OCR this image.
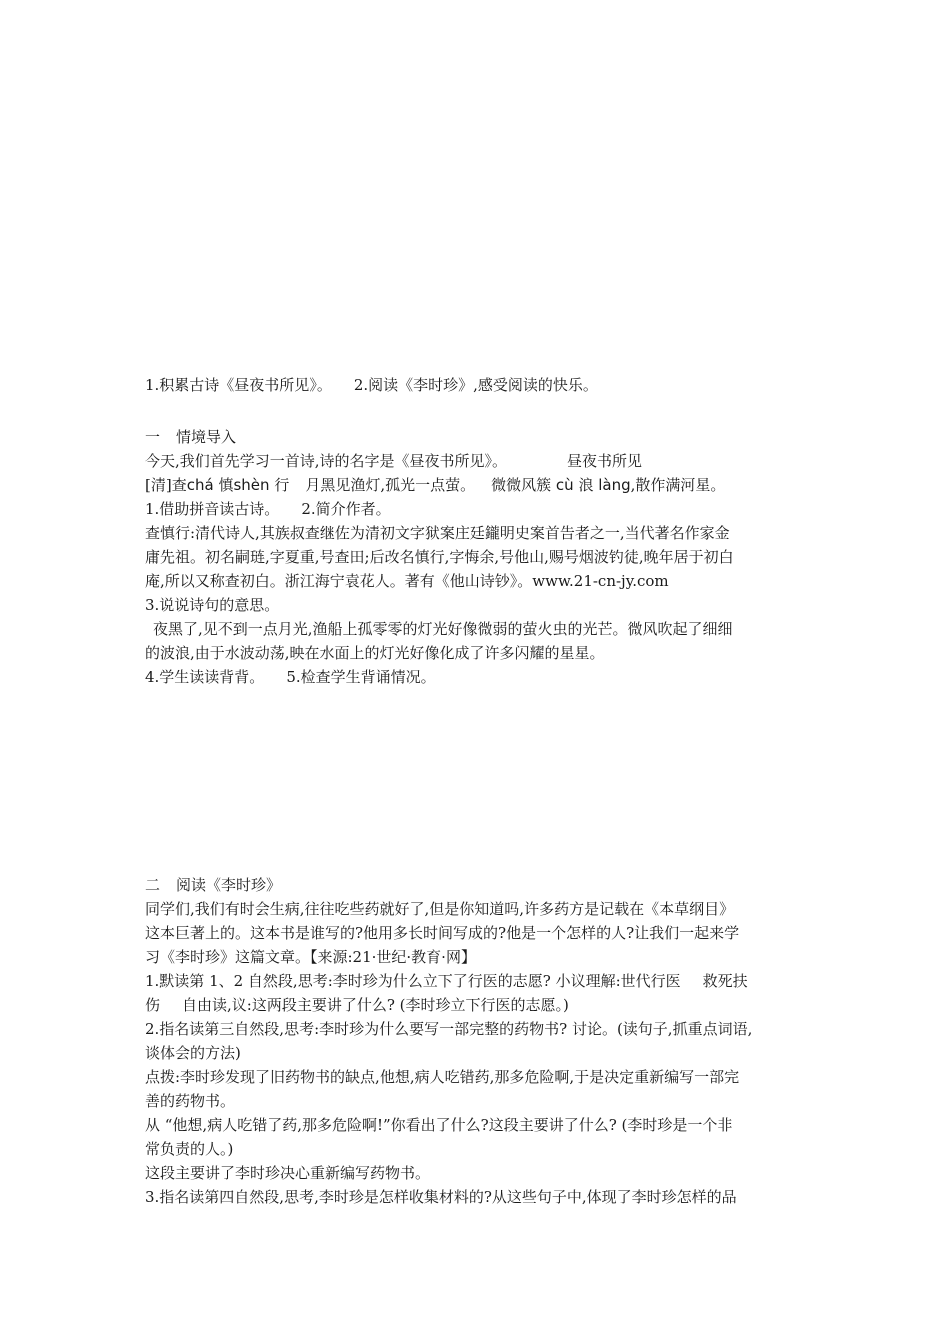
1.积累古诗《昼夜书所见》。 2.阅读《李时珍》,感受阅读的快乐。
一 情境导入
今天,我们首先学习一首诗,诗的名字是《昼夜书所见》。	昼夜书所见
[清]查chá 慎shèn 行 月黑见渔灯,孤光一点萤。 微微风簇 cù 浪 làng,散作满河星。
1.借助拼音读古诗。 2.简介作者。
查慎行:清代诗人,其族叔查继佐为清初文字狱案庄廷鑨明史案首告者之一,当代著名作家金
庸先祖。初名嗣琏,字夏重,号查田;后改名慎行,字悔余,号他山,赐号烟波钓徒,晚年居于初白
庵,所以又称查初白。浙江海宁袁花人。著有《他山诗钞》。www.21-cn-jy.com
3.说说诗句的意思。
夜黑了,见不到一点月光,渔船上孤零零的灯光好像微弱的萤火虫的光芒。微风吹起了细细
的波浪,由于水波动荡,映在水面上的灯光好像化成了许多闪耀的星星。
4.学生读读背背。 5.检查学生背诵情况。
二 阅读《李时珍》
同学们,我们有时会生病,往往吃些药就好了,但是你知道吗,许多药方是记载在《本草纲目》
这本巨著上的。这本书是谁写的?他用多长时间写成的?他是一个怎样的人?让我们一起来学
习《李时珍》这篇文章。【来源:21·世纪·教育·网】
1.默读第 1、2 自然段,思考:李时珍为什么立下了行医的志愿? 小议理解:世代行医 救死扶
伤 自由读,议:这两段主要讲了什么? (李时珍立下行医的志愿。)
2.指名读第三自然段,思考:李时珍为什么要写一部完整的药物书? 讨论。(读句子,抓重点词语,
谈体会的方法)
点拨:李时珍发现了旧药物书的缺点,他想,病人吃错药,那多危险啊,于是决定重新编写一部完
善的药物书。
从 “他想,病人吃错了药,那多危险啊!”你看出了什么?这段主要讲了什么? (李时珍是一个非
常负责的人。)
这段主要讲了李时珍决心重新编写药物书。
3.指名读第四自然段,思考,李时珍是怎样收集材料的?从这些句子中,体现了李时珍怎样的品
